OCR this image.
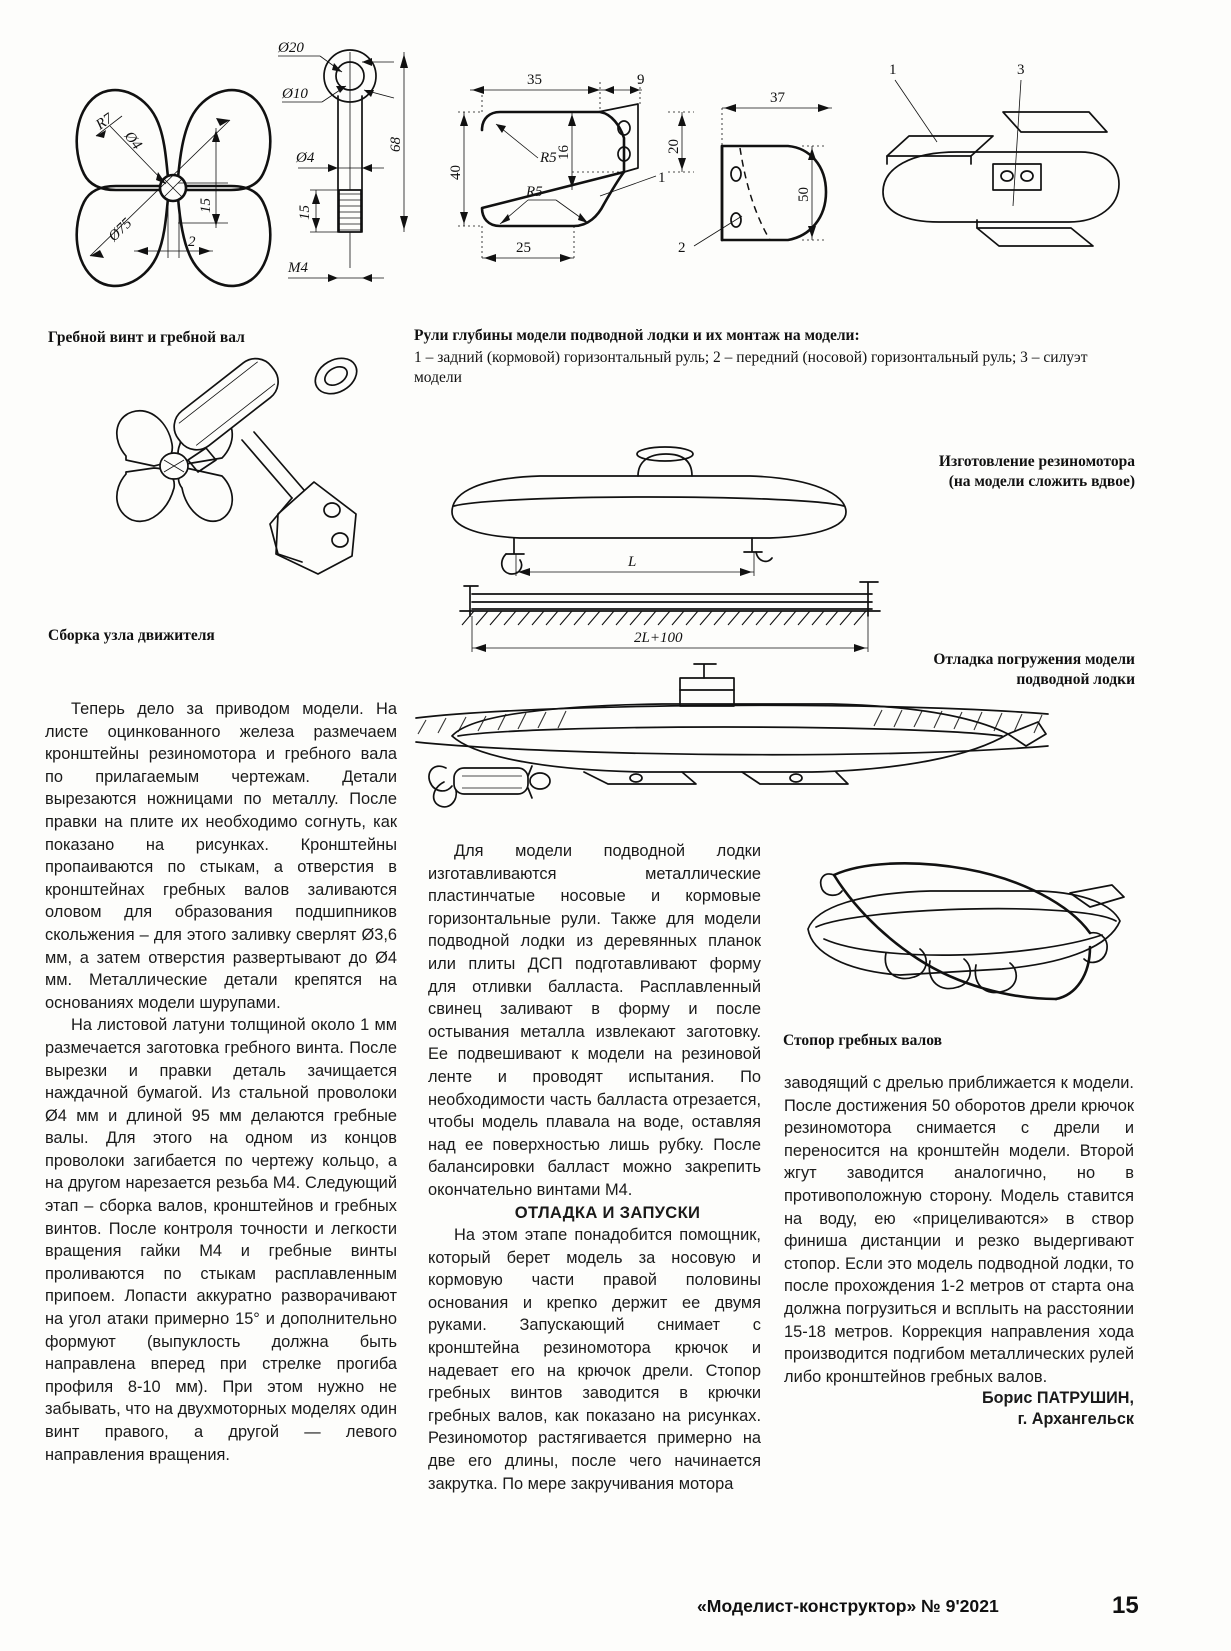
R7
Ø4
Ø75	2
15
Ø20
Ø10
Ø4
15
68
M4
35	9
40
16
R5
R5
25
1
20
37
50
2
1	3
Гребной винт и гребной вал	Рули глубины модели подводной лодки и их монтаж на модели:
1 – задний (кормовой) горизонтальный руль; 2 – передний (носовой) горизонтальный руль; 3 – силуэт модели
Сборка узла движителя
L
2L+100
Изготовление резиномотора
(на модели сложить вдвое)
Отладка погружения модели
подводной лодки
Стопор гребных валов

Теперь дело за приводом модели. На листе оцинкованного железа размечаем кронштейны резиномотора и гребного вала по прилагаемым чертежам. Детали вырезаются ножницами по металлу. После правки на плите их необходимо согнуть, как показано на рисунках. Кронштейны пропаиваются по стыкам, а отверстия в кронштейнах гребных валов заливаются оловом для образования подшипников скольжения – для этого заливку сверлят Ø3,6 мм, а затем отверстия развертывают до Ø4 мм. Металлические детали крепятся на основаниях модели шурупами.

На листовой латуни толщиной около 1 мм размечается заготовка гребного винта. После вырезки и правки деталь зачищается наждачной бумагой. Из стальной проволоки Ø4 мм и длиной 95 мм делаются гребные валы. Для этого на одном из концов проволоки загибается по чертежу кольцо, а на другом нарезается резьба М4. Следующий этап – сборка валов, кронштейнов и гребных винтов. После контроля точности и легкости вращения гайки М4 и гребные винты проливаются по стыкам расплавленным припоем. Лопасти аккуратно разворачивают на угол атаки примерно 15° и дополнительно формуют (выпуклость должна быть направлена вперед при стрелке прогиба профиля 8-10 мм). При этом нужно не забывать, что на двухмоторных моделях один винт правого, а другой — левого направления вращения.

Для модели подводной лодки изготавливаются металлические пластинчатые носовые и кормовые горизонтальные рули. Также для модели подводной лодки из деревянных планок или плиты ДСП подготавливают форму для отливки балласта. Расплавленный свинец заливают в форму и после остывания металла извлекают заготовку. Ее подвешивают к модели на резиновой ленте и проводят испытания. По необходимости часть балласта отрезается, чтобы модель плавала на воде, оставляя над ее поверхностью лишь рубку. После балансировки балласт можно закрепить окончательно винтами М4.

ОТЛАДКА И ЗАПУСКИ

На этом этапе понадобится помощник, который берет модель за носовую и кормовую части правой половины основания и крепко держит ее двумя руками. Запускающий снимает с кронштейна резиномотора крючок и надевает его на крючок дрели. Стопор гребных винтов заводится в крючки гребных валов, как показано на рисунках. Резиномотор растягивается примерно на две его длины, после чего начинается закрутка. По мере закручивания мотора

заводящий с дрелью приближается к модели. После достижения 50 оборотов дрели крючок резиномотора снимается с дрели и переносится на кронштейн модели. Второй жгут заводится аналогично, но в противоположную сторону. Модель ставится на воду, ею «прицеливаются» в створ финиша дистанции и резко выдергивают стопор. Если это модель подводной лодки, то после прохождения 1-2 метров от старта она должна погрузиться и всплыть на расстоянии 15-18 метров. Коррекция направления хода производится подгибом металлических рулей либо кронштейнов гребных валов.

Борис ПАТРУШИН,

г. Архангельск

«Моделист-конструктор» № 9'2021	15
